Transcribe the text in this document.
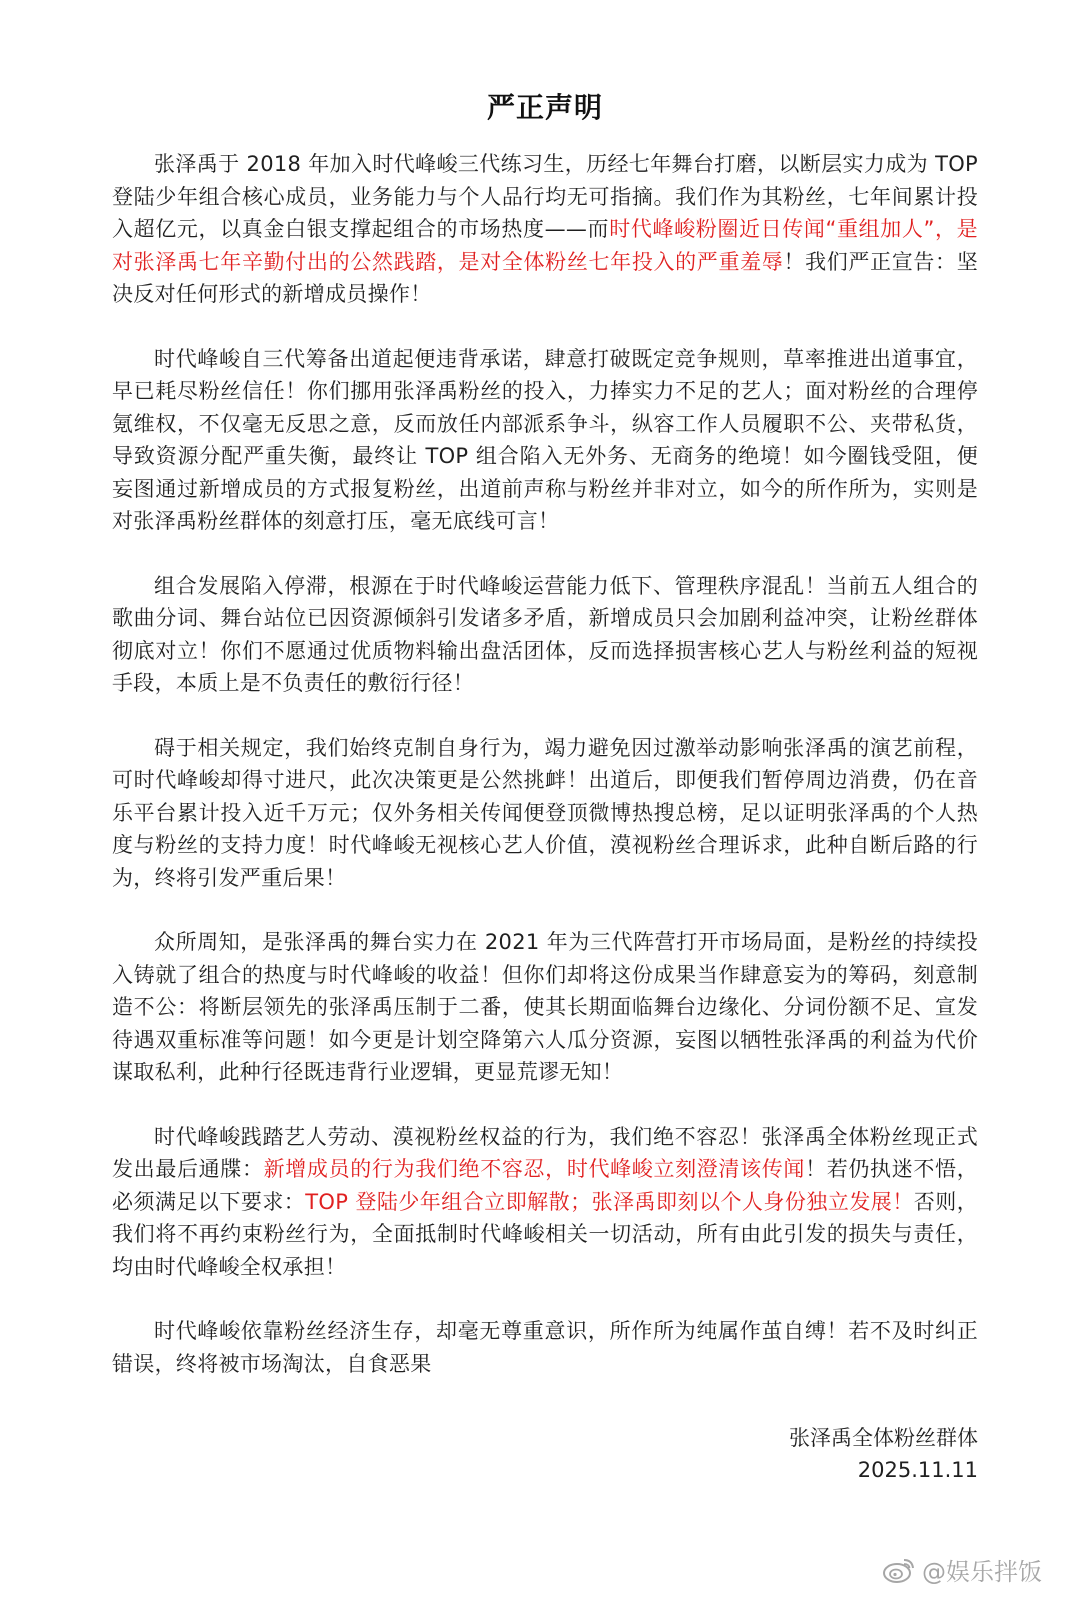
严正声明

张泽禹于 2018 年加入时代峰峻三代练习生，历经七年舞台打磨，以断层实力成为 TOP 登陆少年组合核心成员，业务能力与个人品行均无可指摘。我们作为其粉丝，七年间累计投入超亿元，以真金白银支撑起组合的市场热度——而时代峰峻粉圈近日传闻“重组加人”，是对张泽禹七年辛勤付出的公然践踏，是对全体粉丝七年投入的严重羞辱！我们严正宣告：坚决反对任何形式的新增成员操作！

时代峰峻自三代筹备出道起便违背承诺，肆意打破既定竞争规则，草率推进出道事宜，早已耗尽粉丝信任！你们挪用张泽禹粉丝的投入，力捧实力不足的艺人；面对粉丝的合理停氪维权，不仅毫无反思之意，反而放任内部派系争斗，纵容工作人员履职不公、夹带私货，导致资源分配严重失衡，最终让 TOP 组合陷入无外务、无商务的绝境！如今圈钱受阻，便妄图通过新增成员的方式报复粉丝，出道前声称与粉丝并非对立，如今的所作所为，实则是对张泽禹粉丝群体的刻意打压，毫无底线可言！

组合发展陷入停滞，根源在于时代峰峻运营能力低下、管理秩序混乱！当前五人组合的歌曲分词、舞台站位已因资源倾斜引发诸多矛盾，新增成员只会加剧利益冲突，让粉丝群体彻底对立！你们不愿通过优质物料输出盘活团体，反而选择损害核心艺人与粉丝利益的短视手段，本质上是不负责任的敷衍行径！

碍于相关规定，我们始终克制自身行为，竭力避免因过激举动影响张泽禹的演艺前程，可时代峰峻却得寸进尺，此次决策更是公然挑衅！出道后，即便我们暂停周边消费，仍在音乐平台累计投入近千万元；仅外务相关传闻便登顶微博热搜总榜，足以证明张泽禹的个人热度与粉丝的支持力度！时代峰峻无视核心艺人价值，漠视粉丝合理诉求，此种自断后路的行为，终将引发严重后果！

众所周知，是张泽禹的舞台实力在 2021 年为三代阵营打开市场局面，是粉丝的持续投入铸就了组合的热度与时代峰峻的收益！但你们却将这份成果当作肆意妄为的筹码，刻意制造不公：将断层领先的张泽禹压制于二番，使其长期面临舞台边缘化、分词份额不足、宣发待遇双重标准等问题！如今更是计划空降第六人瓜分资源，妄图以牺牲张泽禹的利益为代价谋取私利，此种行径既违背行业逻辑，更显荒谬无知！

时代峰峻践踏艺人劳动、漠视粉丝权益的行为，我们绝不容忍！张泽禹全体粉丝现正式发出最后通牒：新增成员的行为我们绝不容忍，时代峰峻立刻澄清该传闻！若仍执迷不悟，必须满足以下要求：TOP 登陆少年组合立即解散；张泽禹即刻以个人身份独立发展！否则，我们将不再约束粉丝行为，全面抵制时代峰峻相关一切活动，所有由此引发的损失与责任，均由时代峰峻全权承担！

时代峰峻依靠粉丝经济生存，却毫无尊重意识，所作所为纯属作茧自缚！若不及时纠正错误，终将被市场淘汰，自食恶果

张泽禹全体粉丝群体
2025.11.11
@娱乐拌饭
